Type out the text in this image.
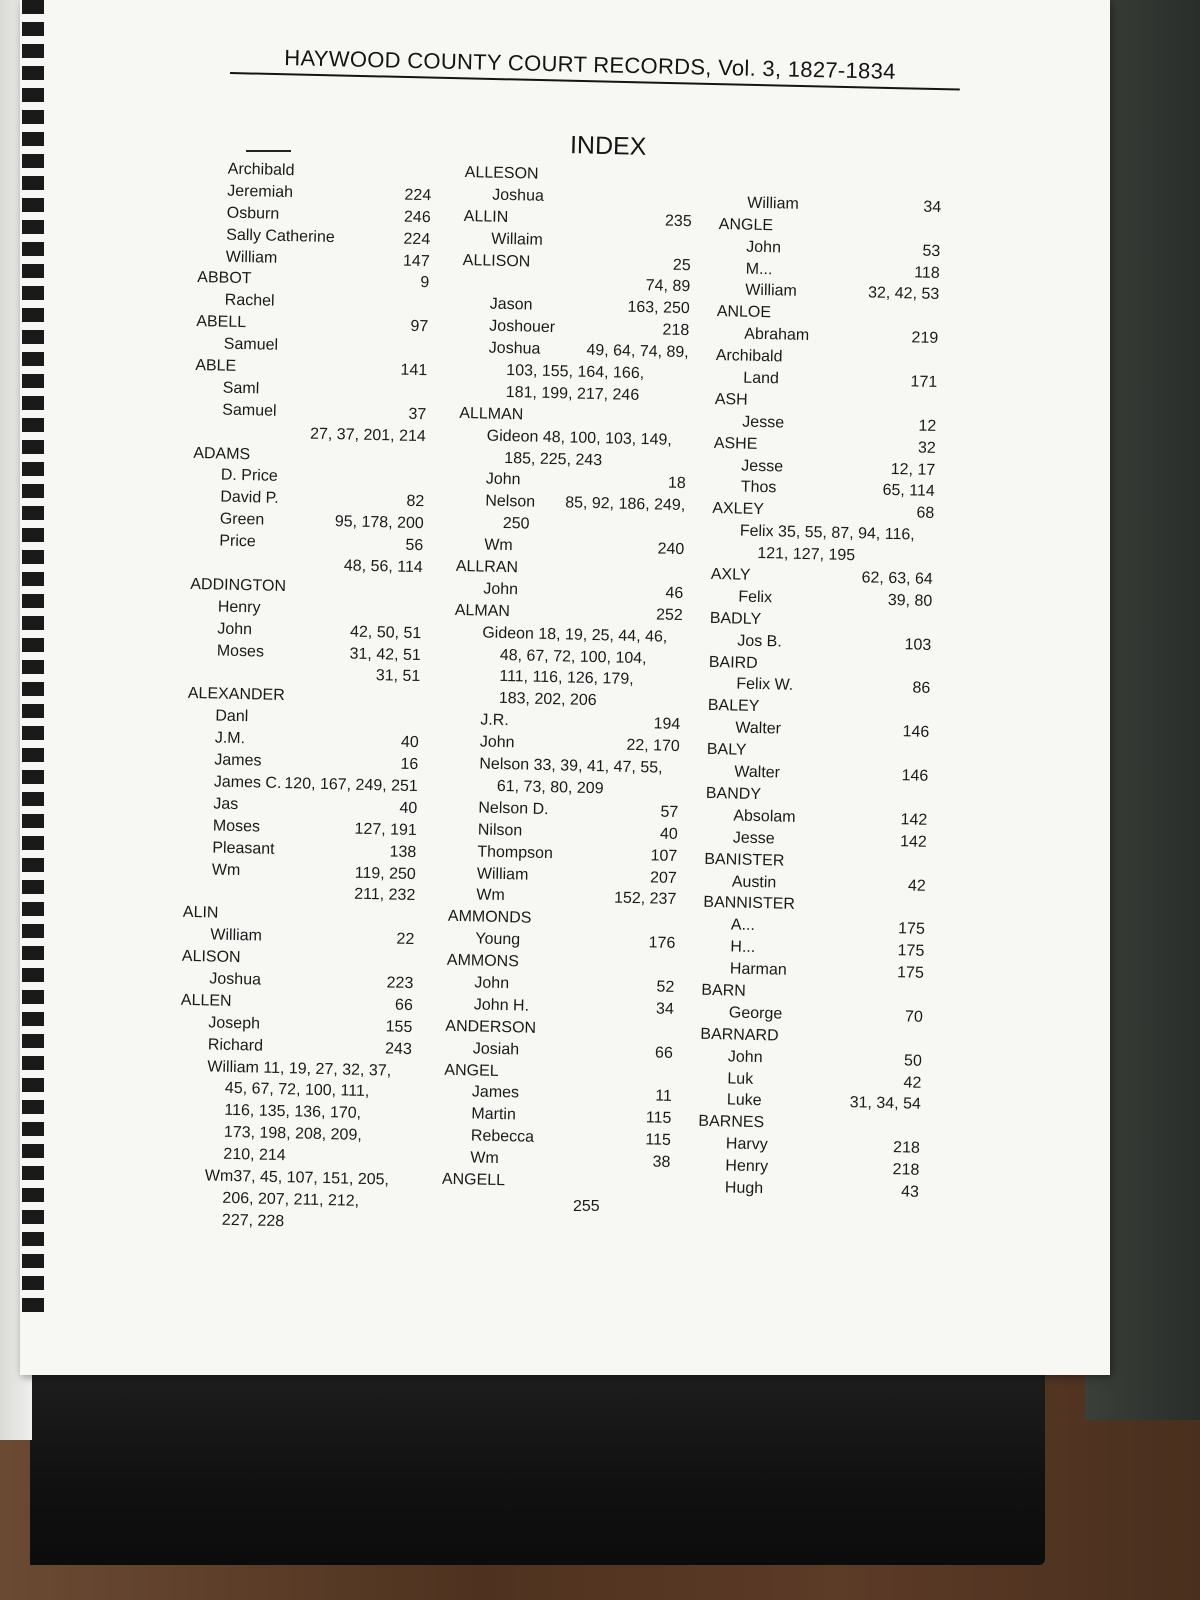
HAYWOOD COUNTY COURT RECORDS, Vol. 3, 1827-1834
INDEX
Archibald
Jeremiah	224
Osburn	246
Sally Catherine	224
William	147
ABBOT	9
Rachel
ABELL	97
Samuel
ABLE	141
Saml
Samuel	37
27, 37, 201, 214
ADAMS
D. Price
David P.	82
Green	95, 178, 200
Price	56
48, 56, 114
ADDINGTON
Henry
John	42, 50, 51
Moses	31, 42, 51
31, 51
ALEXANDER
Danl
J.M.	40
James	16
James C. 120, 167, 249, 251
Jas	40
Moses	127, 191
Pleasant	138
Wm	119, 250
211, 232
ALIN
William	22
ALISON
Joshua	223
ALLEN	66
Joseph	155
Richard	243
William 11, 19, 27, 32, 37,
45, 67, 72, 100, 111,
116, 135, 136, 170,
173, 198, 208, 209,
210, 214
Wm37, 45, 107, 151, 205,
206, 207, 211, 212,
227, 228
ALLESON
Joshua
ALLIN	235
Willaim
ALLISON	25
74, 89
Jason	163, 250
Joshouer	218
Joshua	49, 64, 74, 89,
103, 155, 164, 166,
181, 199, 217, 246
ALLMAN
Gideon 48, 100, 103, 149,
185, 225, 243
John	18
Nelson 85, 92, 186, 249,
250
Wm	240
ALLRAN
John	46
ALMAN	252
Gideon 18, 19, 25, 44, 46,
48, 67, 72, 100, 104,
111, 116, 126, 179,
183, 202, 206
J.R.	194
John	22, 170
Nelson 33, 39, 41, 47, 55,
61, 73, 80, 209
Nelson D.	57
Nilson	40
Thompson	107
William	207
Wm	152, 237
AMMONDS
Young	176
AMMONS
John	52
John H.	34
ANDERSON
Josiah	66
ANGEL
James	11
Martin	115
Rebecca	115
Wm	38
ANGELL
William	34
ANGLE
John	53
M...	118
William	32, 42, 53
ANLOE
Abraham	219
Archibald
Land	171
ASH
Jesse	12
ASHE	32
Jesse	12, 17
Thos	65, 114
AXLEY	68
Felix 35, 55, 87, 94, 116,
121, 127, 195
AXLY	62, 63, 64
Felix	39, 80
BADLY
Jos B.	103
BAIRD
Felix W.	86
BALEY
Walter	146
BALY
Walter	146
BANDY
Absolam	142
Jesse	142
BANISTER
Austin	42
BANNISTER
A...	175
H...	175
Harman	175
BARN
George	70
BARNARD
John	50
Luk	42
Luke	31, 34, 54
BARNES
Harvy	218
Henry	218
Hugh	43
255
